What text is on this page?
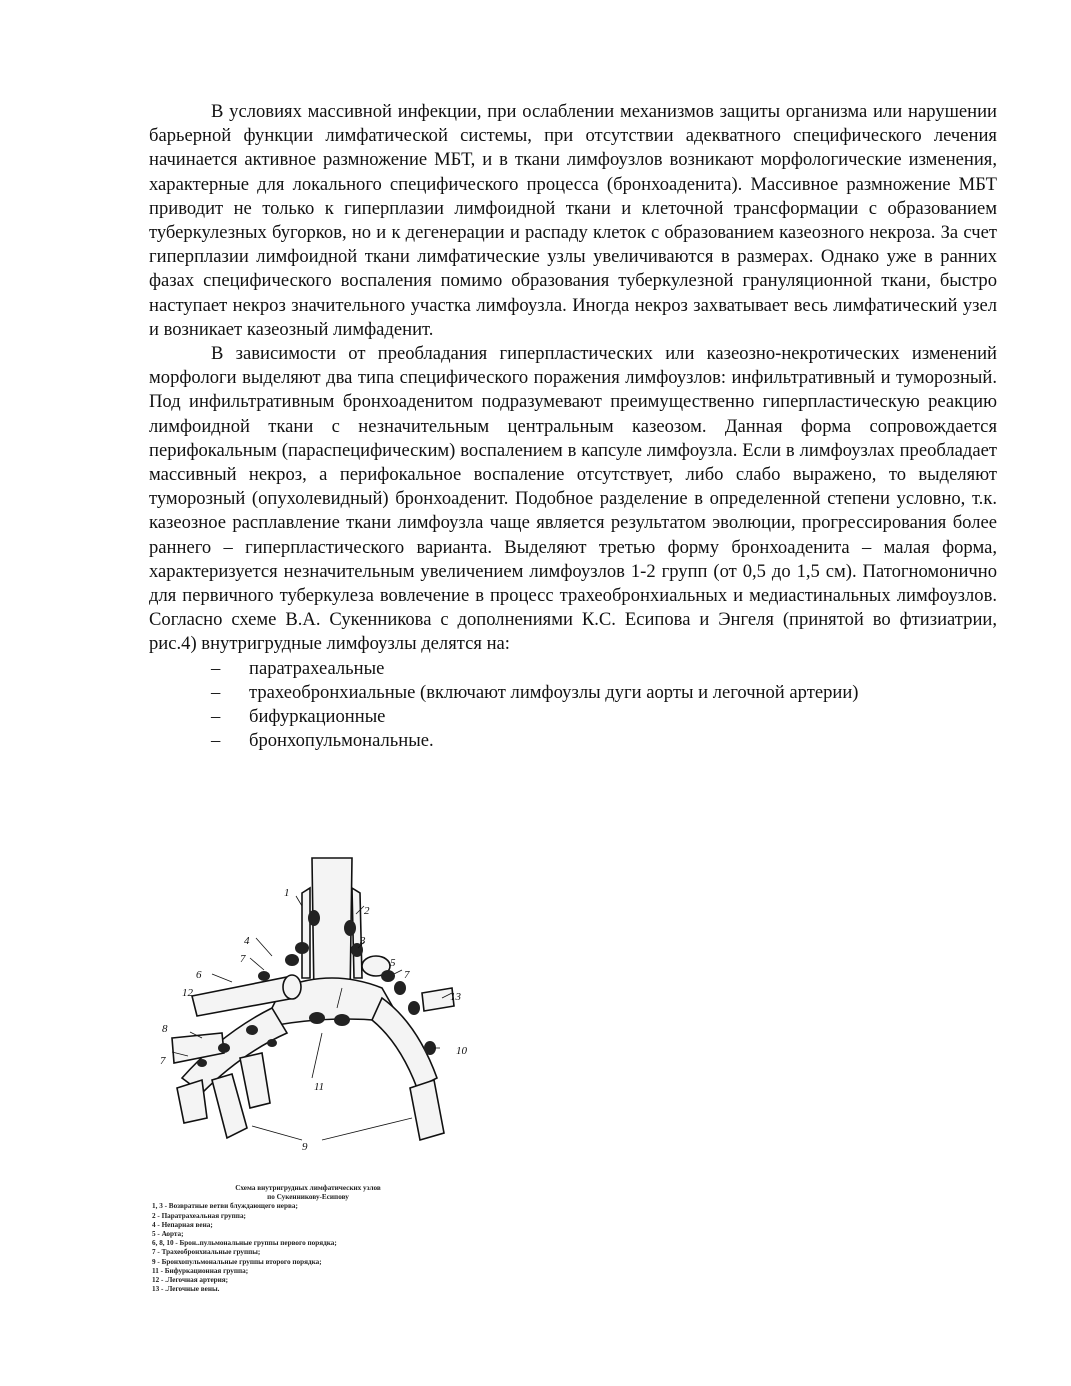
В условиях массивной инфекции, при ослаблении механизмов защиты организма или нарушении барьерной функции лимфатической системы, при отсутствии адекватного специфического лечения начинается активное размножение МБТ, и в ткани лимфоузлов возникают морфологические изменения, характерные для локального специфического процесса (бронхоаденита). Массивное размножение МБТ приводит не только к гиперплазии лимфоидной ткани и клеточной трансформации с образованием туберкулезных бугорков, но и к дегенерации и распаду клеток с образованием казеозного некроза. За счет гиперплазии лимфоидной ткани лимфатические узлы увеличиваются в размерах. Однако уже в ранних фазах специфического воспаления помимо образования туберкулезной грануляционной ткани, быстро наступает некроз значительного участка лимфоузла. Иногда некроз захватывает весь лимфатический узел и возникает казеозный лимфаденит.

В зависимости от преобладания гиперпластических или казеозно-некротических изменений морфологи выделяют два типа специфического поражения лимфоузлов: инфильтративный и туморозный. Под инфильтративным бронхоаденитом подразумевают преимущественно гиперпластическую реакцию лимфоидной ткани с незначительным центральным казеозом. Данная форма сопровождается перифокальным (параспецифическим) воспалением в капсуле лимфоузла. Если в лимфоузлах преобладает массивный некроз, а перифокальное воспаление отсутствует, либо слабо выражено, то выделяют туморозный (опухолевидный) бронхоаденит. Подобное разделение в определенной степени условно, т.к. казеозное расплавление ткани лимфоузла чаще является результатом эволюции, прогрессирования более раннего – гиперпластического варианта. Выделяют третью форму бронхоаденита – малая форма, характеризуется незначительным увеличением лимфоузлов 1-2 групп (от 0,5 до 1,5 см). Патогномонично для первичного туберкулеза вовлечение в процесс трахеобронхиальных и медиастинальных лимфоузлов. Согласно схеме В.А. Сукенникова с дополнениями К.С. Есипова и Энгеля (принятой во фтизиатрии, рис.4) внутригрудные лимфоузлы делятся на:

– паратрахеальные
– трахеобронхиальные (включают лимфоузлы дуги аорты и легочной артерии)
– бифуркационные
– бронхопульмональные.
1
2
3
4
5
6
7
7
8
7
9
10
11
12	13
Схема внутригрудных лимфатических узлов
по Сукенникову-Есипову
1, 3 - Возвратные ветви блуждающего нерва;
2 - Паратрахеальная группа;
4 - Непарная вена;
5 - Аорта;
6, 8, 10 - Брон..пульмональные группы первого порядка;
7 - Трахеобронхиальные группы;
9 - Бронхопульмональные группы второго порядка;
11 - Бифуркационная группа;
12 - .Легочная артерия;
13 - .Легочные вены.
